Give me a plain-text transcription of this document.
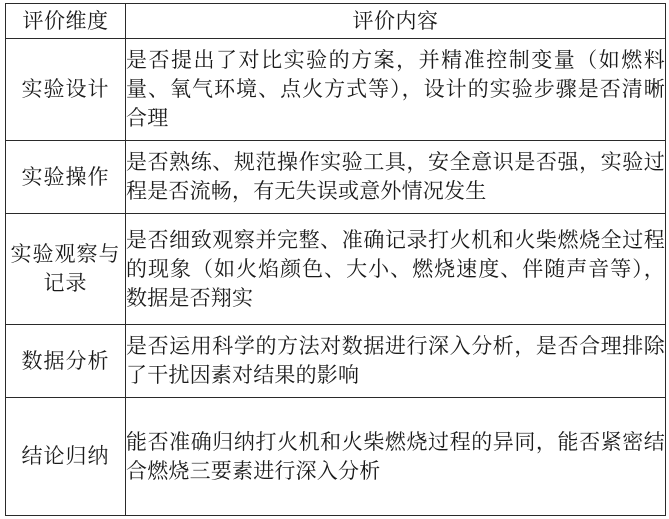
评价维度	评价内容
实验设计	是否提出了对比实验的方案，并精准控制变量（如燃料量、氧气环境、点火方式等），设计的实验步骤是否清晰合理
实验操作	是否熟练、规范操作实验工具，安全意识是否强，实验过程是否流畅，有无失误或意外情况发生
实验观察与记录	是否细致观察并完整、准确记录打火机和火柴燃烧全过程的现象（如火焰颜色、大小、燃烧速度、伴随声音等），数据是否翔实
数据分析	是否运用科学的方法对数据进行深入分析，是否合理排除了干扰因素对结果的影响
结论归纳	能否准确归纳打火机和火柴燃烧过程的异同，能否紧密结合燃烧三要素进行深入分析
